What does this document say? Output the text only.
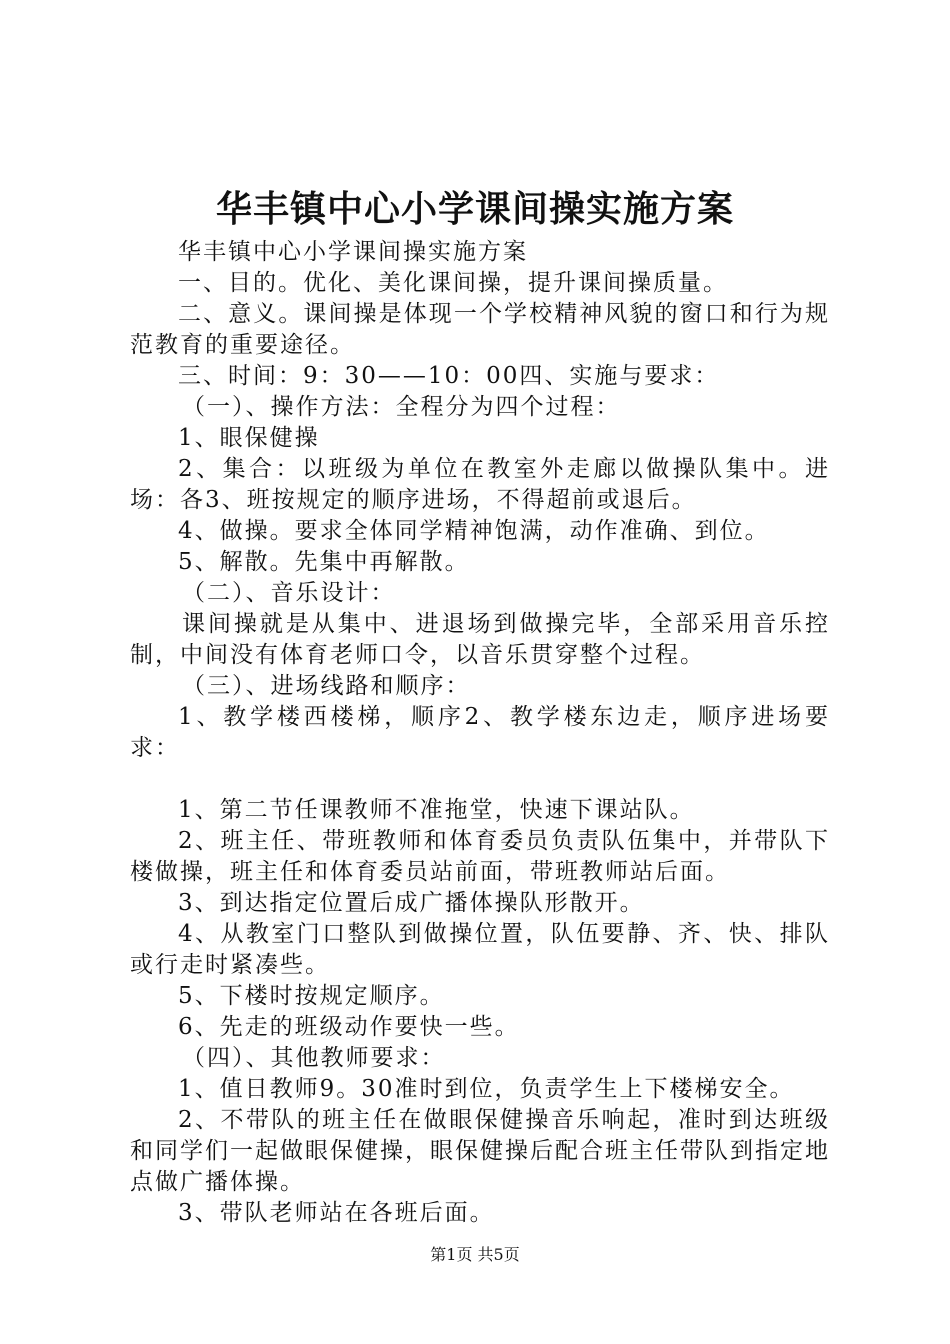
华丰镇中心小学课间操实施方案

华丰镇中心小学课间操实施方案

一、目的。优化、美化课间操，提升课间操质量。

二、意义。课间操是体现一个学校精神风貌的窗口和行为规范教育的重要途径。

三、时间：9：30——10：00四、实施与要求：

（一）、操作方法：全程分为四个过程：

1、眼保健操

2、集合：以班级为单位在教室外走廊以做操队集中。进场：各3、班按规定的顺序进场，不得超前或退后。

4、做操。要求全体同学精神饱满，动作准确、到位。

5、解散。先集中再解散。

（二）、音乐设计：

课间操就是从集中、进退场到做操完毕，全部采用音乐控制，中间没有体育老师口令，以音乐贯穿整个过程。

（三）、进场线路和顺序：

1、教学楼西楼梯，顺序2、教学楼东边走，顺序进场要求：

1、第二节任课教师不准拖堂，快速下课站队。

2、班主任、带班教师和体育委员负责队伍集中，并带队下楼做操，班主任和体育委员站前面，带班教师站后面。

3、到达指定位置后成广播体操队形散开。

4、从教室门口整队到做操位置，队伍要静、齐、快、排队或行走时紧凑些。

5、下楼时按规定顺序。

6、先走的班级动作要快一些。

（四）、其他教师要求：

1、值日教师9。30准时到位，负责学生上下楼梯安全。

2、不带队的班主任在做眼保健操音乐响起，准时到达班级和同学们一起做眼保健操，眼保健操后配合班主任带队到指定地点做广播体操。

3、带队老师站在各班后面。

第1页 共5页
